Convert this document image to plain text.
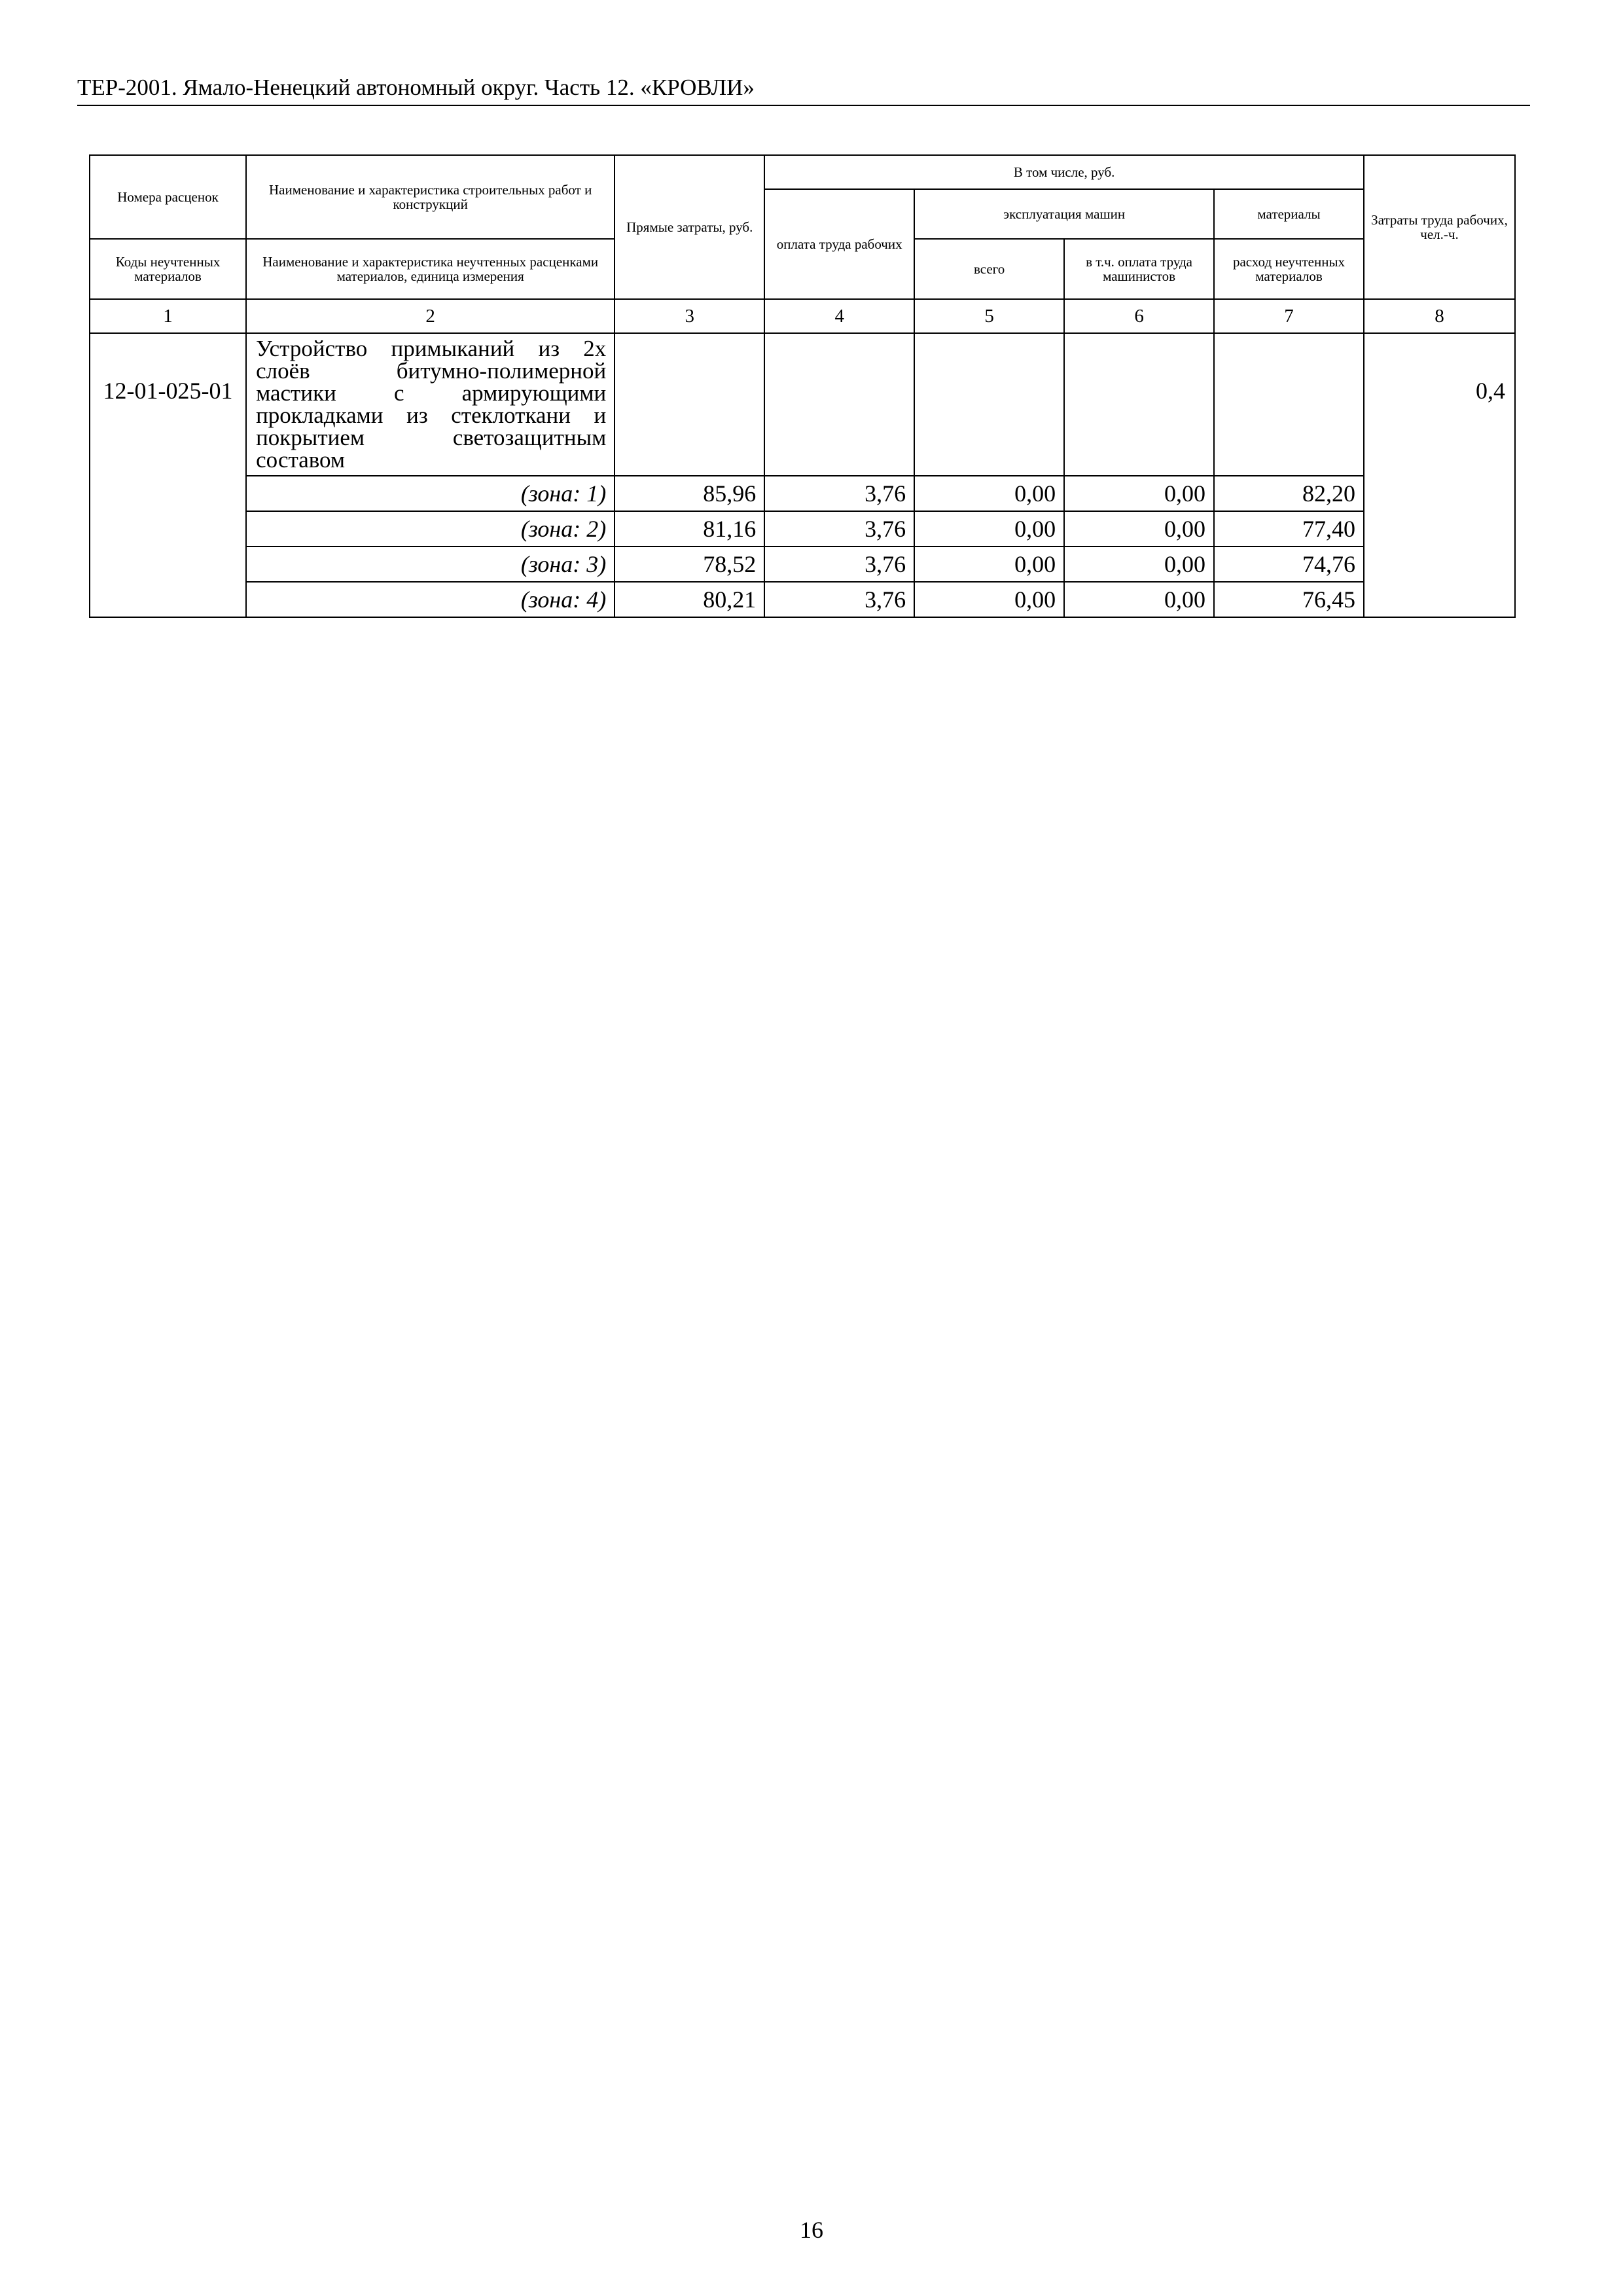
ТЕР-2001. Ямало-Ненецкий автономный округ. Часть 12. «КРОВЛИ»
Номера расценок	Наименование и характеристика строительных работ и конструкций	Прямые затраты, руб.	В том числе, руб.				Затраты труда рабочих, чел.-ч.
			оплата труда рабочих	эксплуатация машин		материалы	
Коды неучтенных материалов	Наименование и характеристика неучтенных расценками материалов, единица измерения			всего	в т.ч. оплата труда машинистов	расход неучтенных материалов	
1	2	3	4	5	6	7	8
12-01-025-01	Устройство примыканий из 2х слоёв битумно-полимерной мастики с армирующими прокладками из стеклоткани и покрытием светозащитным составом						0,4
	(зона: 1)	85,96	3,76	0,00	0,00	82,20	
	(зона: 2)	81,16	3,76	0,00	0,00	77,40	
	(зона: 3)	78,52	3,76	0,00	0,00	74,76	
	(зона: 4)	80,21	3,76	0,00	0,00	76,45	
16
